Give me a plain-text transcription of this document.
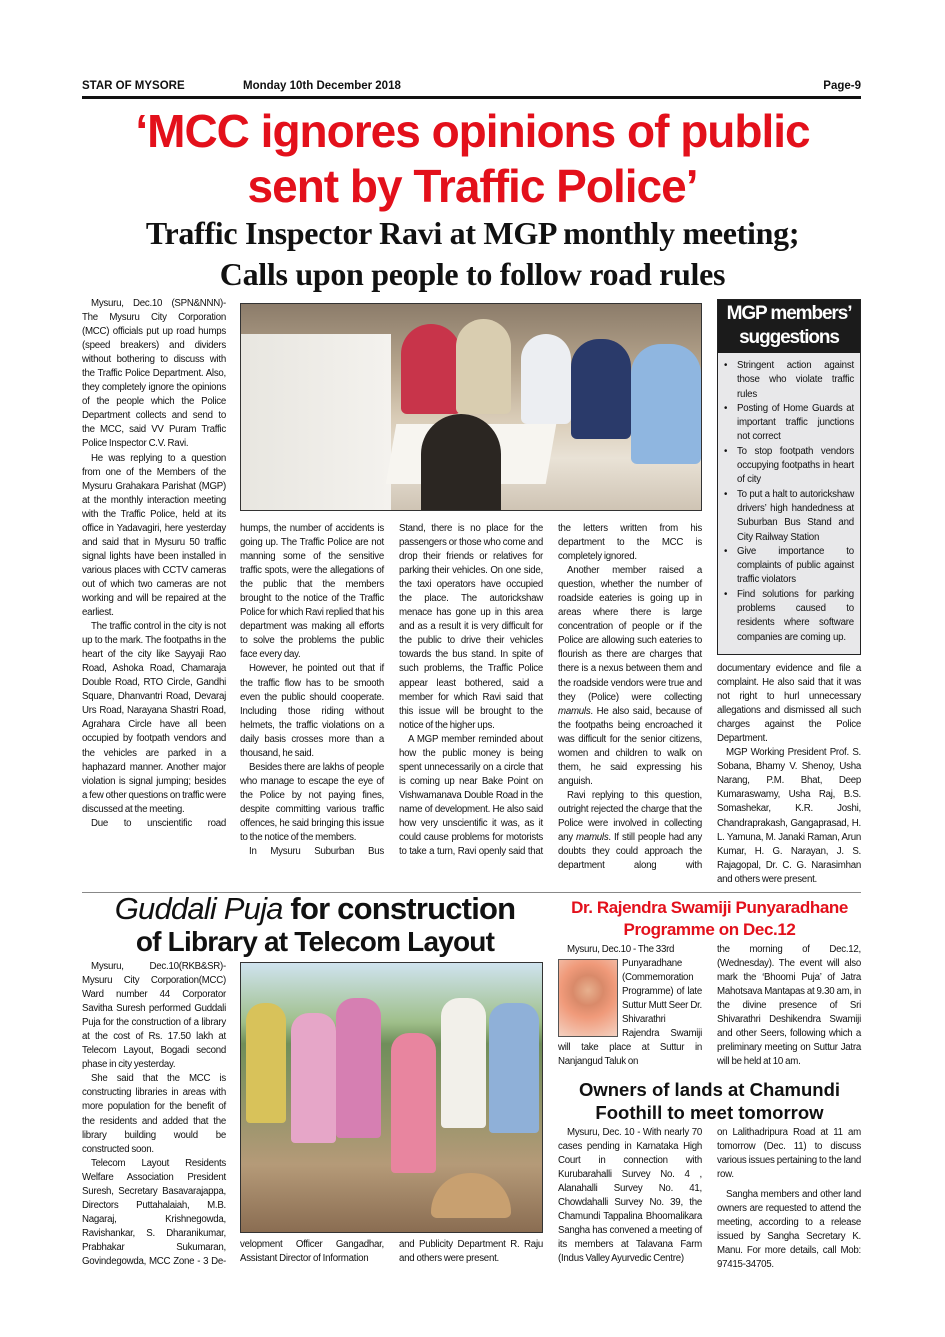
STAR OF MYSORE	Monday 10th December 2018	Page-9
‘MCC ignores opinions of public
sent by Traffic Police’
Traffic Inspector Ravi at MGP monthly meeting;
Calls upon people to follow road rules

Mysuru, Dec.10 (SPN&NNN)- The Mysuru City Corporation (MCC) officials put up road humps (speed breakers) and dividers without bothering to discuss with the Traffic Police Department. Also, they completely ignore the opinions of the people which the Police Department collects and send to the MCC, said VV Puram Traffic Police Inspector C.V. Ravi.

He was replying to a question from one of the Members of the Mysuru Grahakara Parishat (MGP) at the monthly interaction meeting with the Traffic Police, held at its office in Yadavagiri, here yesterday and said that in Mysuru 50 traffic signal lights have been installed in various places with CCTV cameras out of which two cameras are not working and will be repaired at the earliest.

The traffic control in the city is not up to the mark. The footpaths in the heart of the city like Sayyaji Rao Road, Ashoka Road, Chamaraja Double Road, RTO Circle, Gandhi Square, Dhanvantri Road, Devaraj Urs Road, Narayana Shastri Road, Agrahara Circle have all been occupied by footpath vendors and the vehicles are parked in a haphazard manner. Another major violation is signal jumping; besides a few other questions on traffic were discussed at the meeting.

Due to unscientific road

humps, the number of accidents is going up. The Traffic Police are not manning some of the sensitive traffic spots, were the allegations of the public that the members brought to the notice of the Traffic Police for which Ravi replied that his department was making all efforts to solve the problems the public face every day.

However, he pointed out that if the traffic flow has to be smooth even the public should cooperate. Including those riding without helmets, the traffic violations on a daily basis crosses more than a thousand, he said.

Besides there are lakhs of people who manage to escape the eye of the Police by not paying fines, despite committing various traffic offences, he said bringing this issue to the notice of the members.

In Mysuru Suburban Bus

Stand, there is no place for the passengers or those who come and drop their friends or relatives for parking their vehicles. On one side, the taxi operators have occupied the place. The autorickshaw menace has gone up in this area and as a result it is very difficult for the public to drive their vehicles towards the bus stand. In spite of such problems, the Traffic Police appear least bothered, said a member for which Ravi said that this issue will be brought to the notice of the higher ups.

A MGP member reminded about how the public money is being spent unnecessarily on a circle that is coming up near Bake Point on Vishwamanava Double Road in the name of development. He also said how very unscientific it was, as it could cause problems for motorists to take a turn, Ravi openly said that

the letters written from his department to the MCC is completely ignored.

Another member raised a question, whether the number of roadside eateries is going up in areas where there is large concentration of people or if the Police are allowing such eateries to flourish as there are charges that there is a nexus between them and the roadside vendors were true and they (Police) were collecting mamuls. He also said, because of the footpaths being encroached it was difficult for the senior citizens, women and children to walk on them, he said expressing his anguish.

Ravi replying to this question, outright rejected the charge that the Police were involved in collecting any mamuls. If still people had any doubts they could approach the department along with

MGP members’
suggestions
• Stringent action against those who violate traffic rules
• Posting of Home Guards at important traffic junctions not correct
• To stop footpath vendors occupying footpaths in heart of city
• To put a halt to autorickshaw drivers’ high handedness at Suburban Bus Stand and City Railway Station
• Give importance to complaints of public against traffic violators
• Find solutions for parking problems caused to residents where software companies are coming up.

documentary evidence and file a complaint. He also said that it was not right to hurl unnecessary allegations and dismissed all such charges against the Police Department.

MGP Working President Prof. S. Sobana, Bhamy V. Shenoy, Usha Narang, P.M. Bhat, Deep Kumaraswamy, Usha Raj, B.S. Somashekar, K.R. Joshi, Chandraprakash, Gangaprasad, H. L. Yamuna, M. Janaki Raman, Arun Kumar, H. G. Narayan, J. S. Rajagopal, Dr. C. G. Narasimhan and others were present.

Guddali Puja for construction
of Library at Telecom Layout

Mysuru, Dec.10(RKB&SR)- Mysuru City Corporation(MCC) Ward number 44 Corporator Savitha Suresh performed Guddali Puja for the construction of a library at the cost of Rs. 17.50 lakh at Telecom Layout, Bogadi second phase in city yesterday.

She said that the MCC is constructing libraries in areas with more population for the benefit of the residents and added that the library building would be constructed soon.

Telecom Layout Residents Welfare Association President Suresh, Secretary Basavarajappa, Directors Puttahalaiah, M.B. Nagaraj, Krishnegowda, Ravishankar, S. Dharanikumar, Prabhakar Sukumaran, Govindegowda, MCC Zone - 3 De-

velopment Officer Gangadhar, Assistant Director of Information
and Publicity Department R. Raju and others were present.
Dr. Rajendra Swamiji Punyaradhane
Programme on Dec.12

Mysuru, Dec.10 - The 33rd

Punyaradhane (Commemoration Programme) of late Suttur Mutt Seer Dr. Shivarathri Rajendra Swamiji will take place at Suttur in Nanjangud Taluk on

the morning of Dec.12, (Wednesday). The event will also mark the ‘Bhoomi Puja’ of Jatra Mahotsava Mantapas at 9.30 am, in the divine presence of Sri Shivarathri Deshikendra Swamiji and other Seers, following which a preliminary meeting on Suttur Jatra will be held at 10 am.
Owners of lands at Chamundi
Foothill to meet tomorrow

Mysuru, Dec. 10 - With nearly 70 cases pending in Karnataka High Court in connection with Kurubarahalli Survey No. 4 , Alanahalli Survey No. 41, Chowdahalli Survey No. 39, the Chamundi Tappalina Bhoomalikara Sangha has convened a meeting of its members at Talavana Farm (Indus Valley Ayurvedic Centre)

on Lalithadripura Road at 11 am tomorrow (Dec. 11) to discuss various issues pertaining to the land row.

Sangha members and other land owners are requested to attend the meeting, according to a release issued by Sangha Secretary K. Manu. For more details, call Mob: 97415-34705.
